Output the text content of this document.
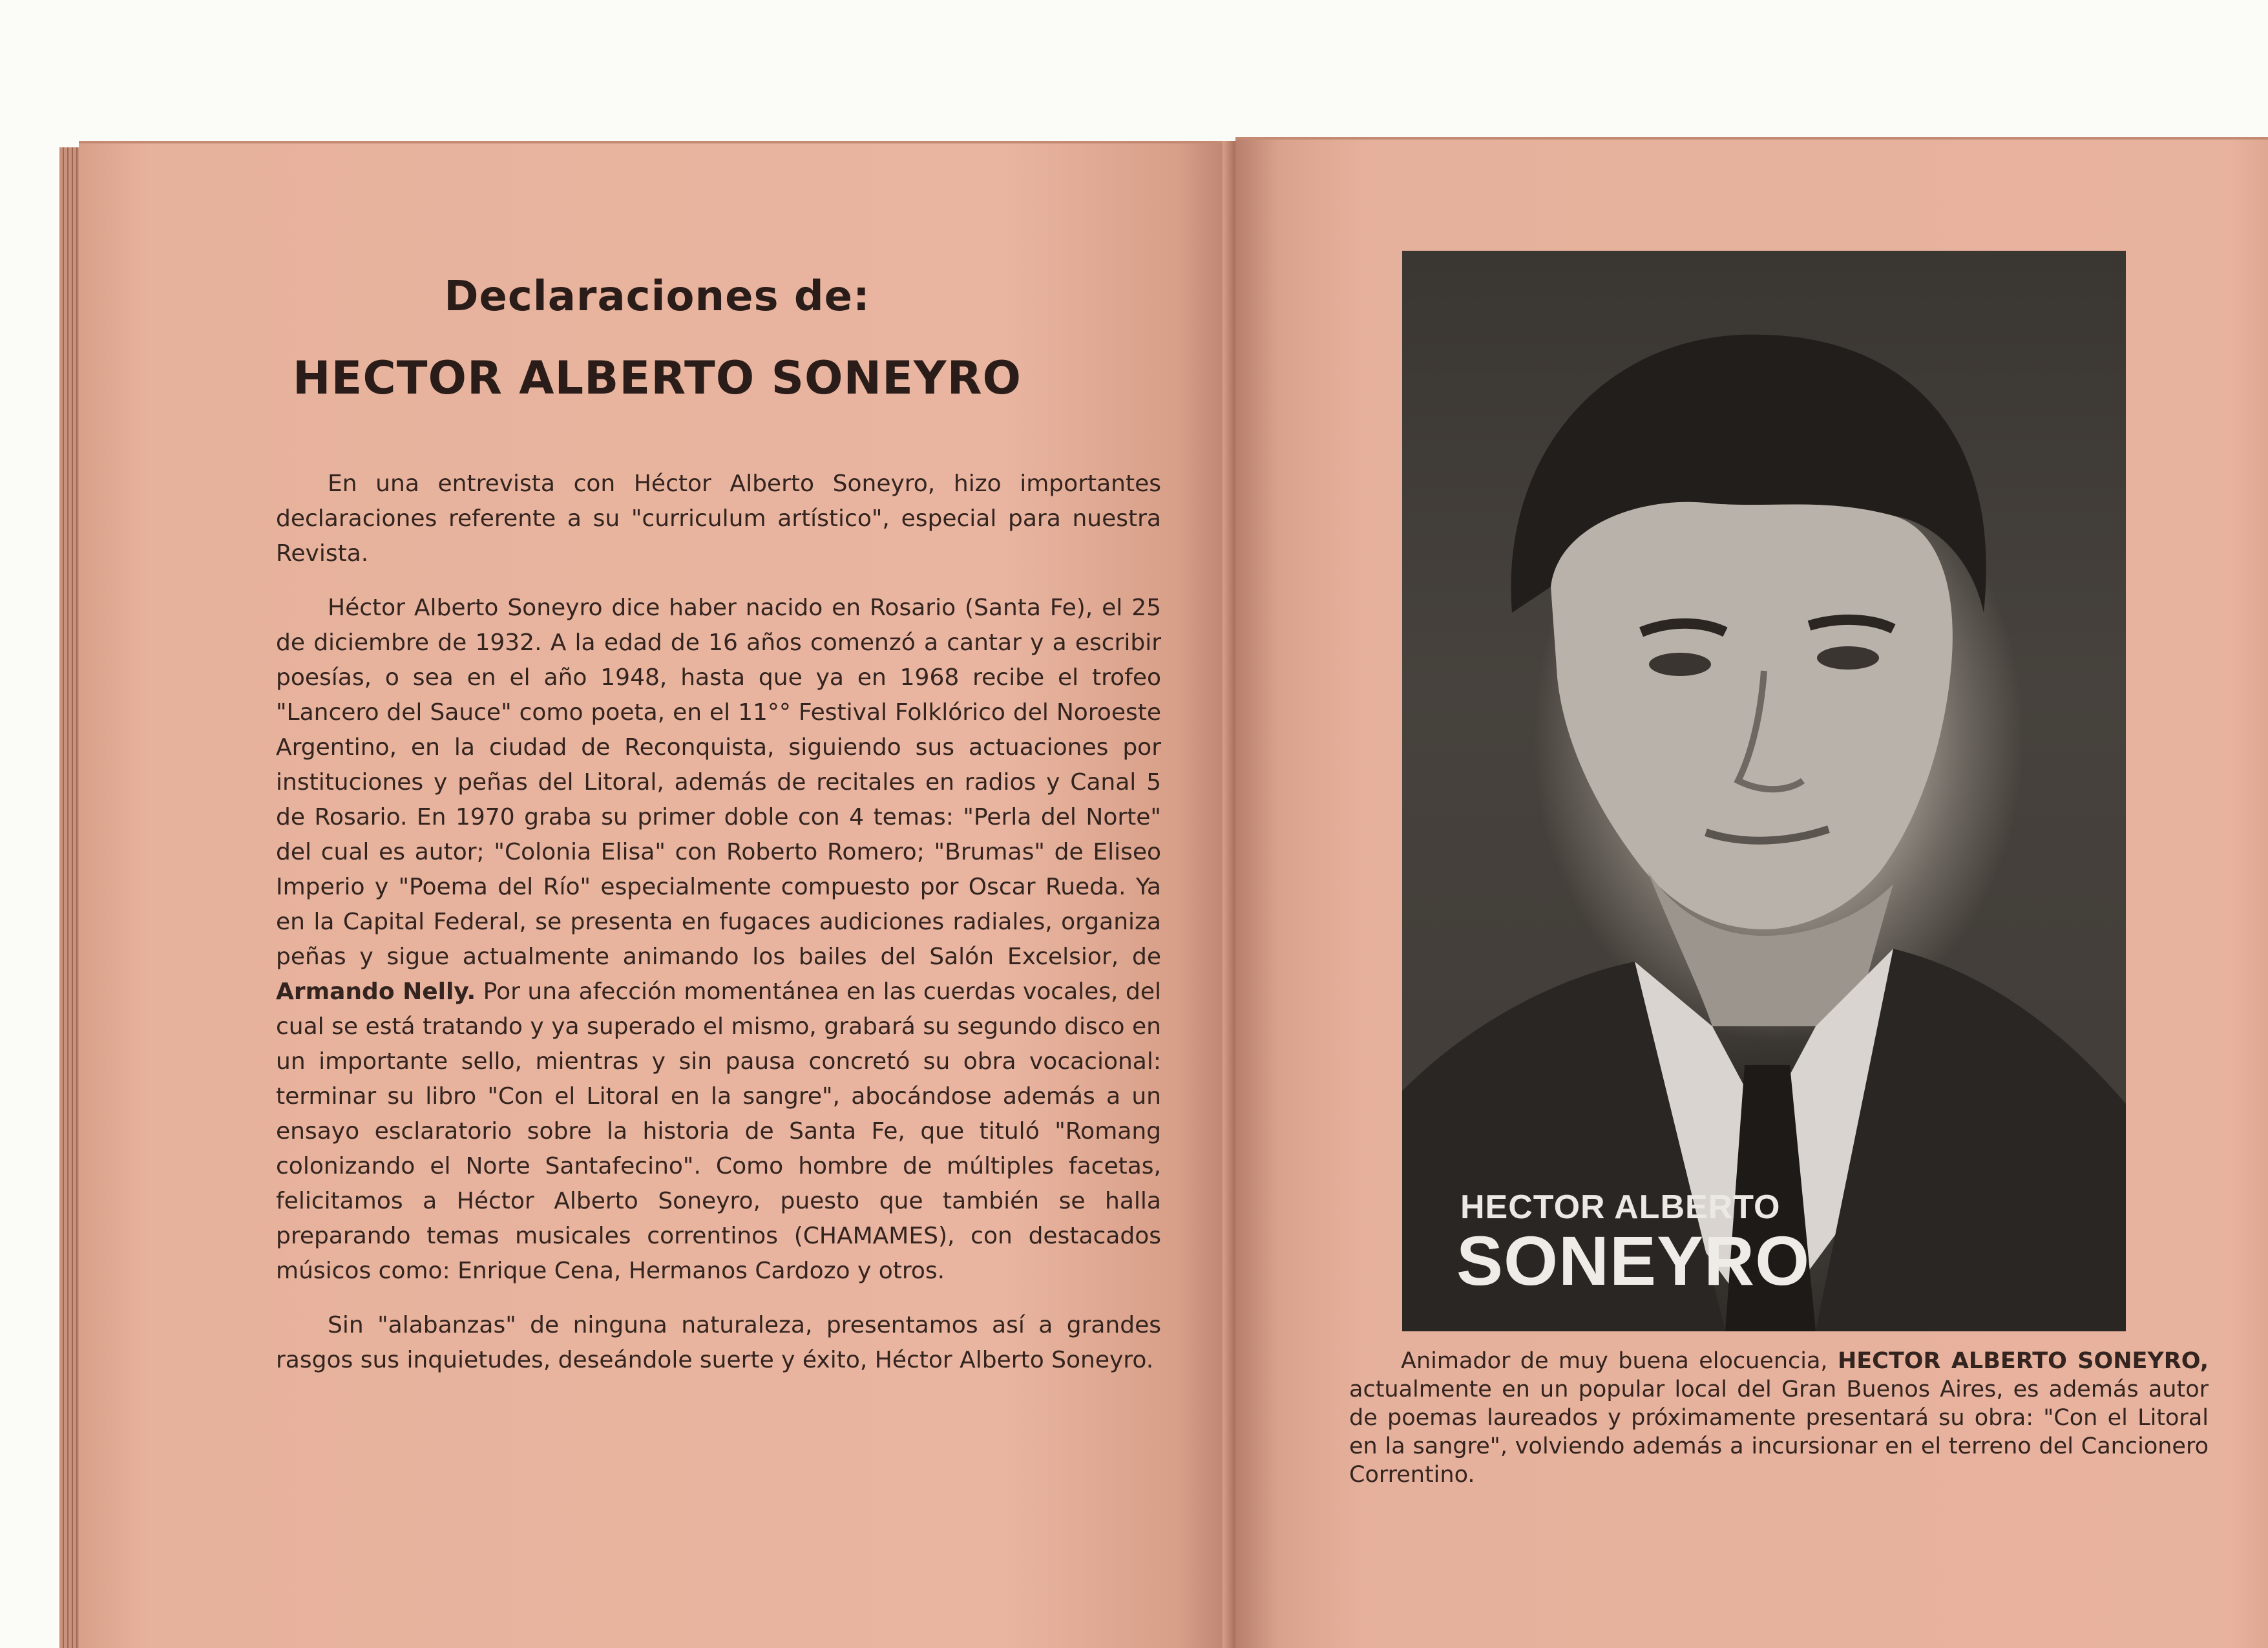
Declaraciones de:
HECTOR ALBERTO SONEYRO

En una entrevista con Héctor Alberto Soneyro, hizo importantes declaraciones referente a su "curriculum artístico", especial para nuestra Revista.

Héctor Alberto Soneyro dice haber nacido en Rosario (Santa Fe), el 25 de diciembre de 1932. A la edad de 16 años comenzó a cantar y a escribir poesías, o sea en el año 1948, hasta que ya en 1968 recibe el trofeo "Lancero del Sauce" como poeta, en el 11°° Festival Folklórico del Noroeste Argentino, en la ciudad de Reconquista, siguiendo sus actuaciones por instituciones y peñas del Litoral, además de recitales en radios y Canal 5 de Rosario. En 1970 graba su primer doble con 4 temas: "Perla del Norte" del cual es autor; "Colonia Elisa" con Roberto Romero; "Brumas" de Eliseo Imperio y "Poema del Río" especialmente compuesto por Oscar Rueda. Ya en la Capital Federal, se presenta en fugaces audiciones radiales, organiza peñas y sigue actualmente animando los bailes del Salón Excelsior, de Armando Nelly. Por una afección momentánea en las cuerdas vocales, del cual se está tratando y ya superado el mismo, grabará su segundo disco en un importante sello, mientras y sin pausa concretó su obra vocacional: terminar su libro "Con el Litoral en la sangre", abocándose además a un ensayo esclaratorio sobre la historia de Santa Fe, que tituló "Romang colonizando el Norte Santafecino". Como hombre de múltiples facetas, felicitamos a Héctor Alberto Soneyro, puesto que también se halla preparando temas musicales correntinos (CHAMAMES), con destacados músicos como: Enrique Cena, Hermanos Cardozo y otros.

Sin "alabanzas" de ninguna naturaleza, presentamos así a grandes rasgos sus inquietudes, deseándole suerte y éxito, Héctor Alberto Soneyro.

HECTOR ALBERTO
SONEYRO

Animador de muy buena elocuencia, HECTOR ALBERTO SONEYRO, actualmente en un popular local del Gran Buenos Aires, es además autor de poemas laureados y próximamente presentará su obra: "Con el Litoral en la sangre", volviendo además a incursionar en el terreno del Cancionero Correntino.
